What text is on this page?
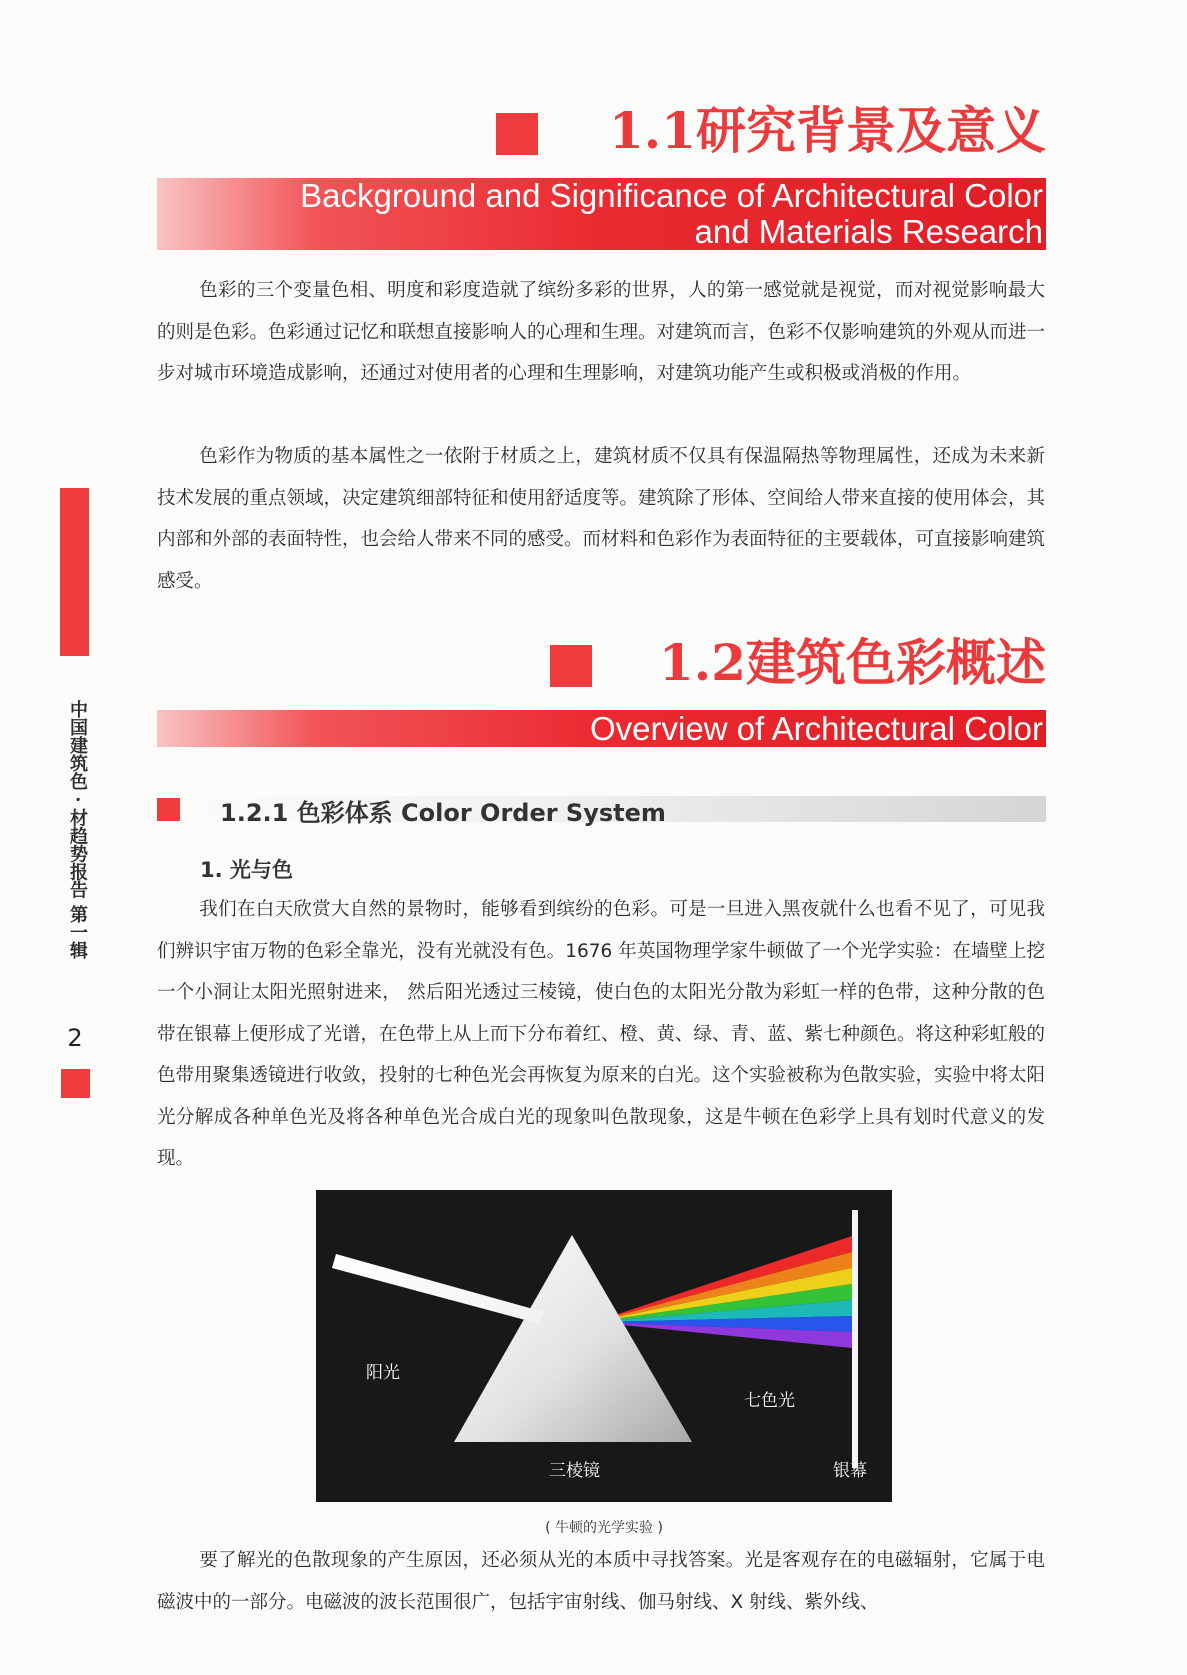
中国建筑色 · 材趋势报告 第一辑
2
1.1研究背景及意义
Background and Significance of Architectural Color
and Materials Research

色彩的三个变量色相、明度和彩度造就了缤纷多彩的世界，人的第一感觉就是视觉，而对视觉影响最大的则是色彩。色彩通过记忆和联想直接影响人的心理和生理。对建筑而言，色彩不仅影响建筑的外观从而进一步对城市环境造成影响，还通过对使用者的心理和生理影响，对建筑功能产生或积极或消极的作用。

色彩作为物质的基本属性之一依附于材质之上，建筑材质不仅具有保温隔热等物理属性，还成为未来新技术发展的重点领域，决定建筑细部特征和使用舒适度等。建筑除了形体、空间给人带来直接的使用体会，其内部和外部的表面特性，也会给人带来不同的感受。而材料和色彩作为表面特征的主要载体，可直接影响建筑感受。

1.2建筑色彩概述
Overview of Architectural Color
1.2.1 色彩体系 Color Order System
1. 光与色

我们在白天欣赏大自然的景物时，能够看到缤纷的色彩。可是一旦进入黑夜就什么也看不见了，可见我们辨识宇宙万物的色彩全靠光，没有光就没有色。1676 年英国物理学家牛顿做了一个光学实验：在墙壁上挖一个小洞让太阳光照射进来， 然后阳光透过三棱镜，使白色的太阳光分散为彩虹一样的色带，这种分散的色带在银幕上便形成了光谱，在色带上从上而下分布着红、橙、黄、绿、青、蓝、紫七种颜色。将这种彩虹般的色带用聚集透镜进行收敛，投射的七种色光会再恢复为原来的白光。这个实验被称为色散实验，实验中将太阳光分解成各种单色光及将各种单色光合成白光的现象叫色散现象，这是牛顿在色彩学上具有划时代意义的发现。

阳光
七色光
三棱镜	银幕
( 牛顿的光学实验 )

要了解光的色散现象的产生原因，还必须从光的本质中寻找答案。光是客观存在的电磁辐射，它属于电磁波中的一部分。电磁波的波长范围很广，包括宇宙射线、伽马射线、X 射线、紫外线、
